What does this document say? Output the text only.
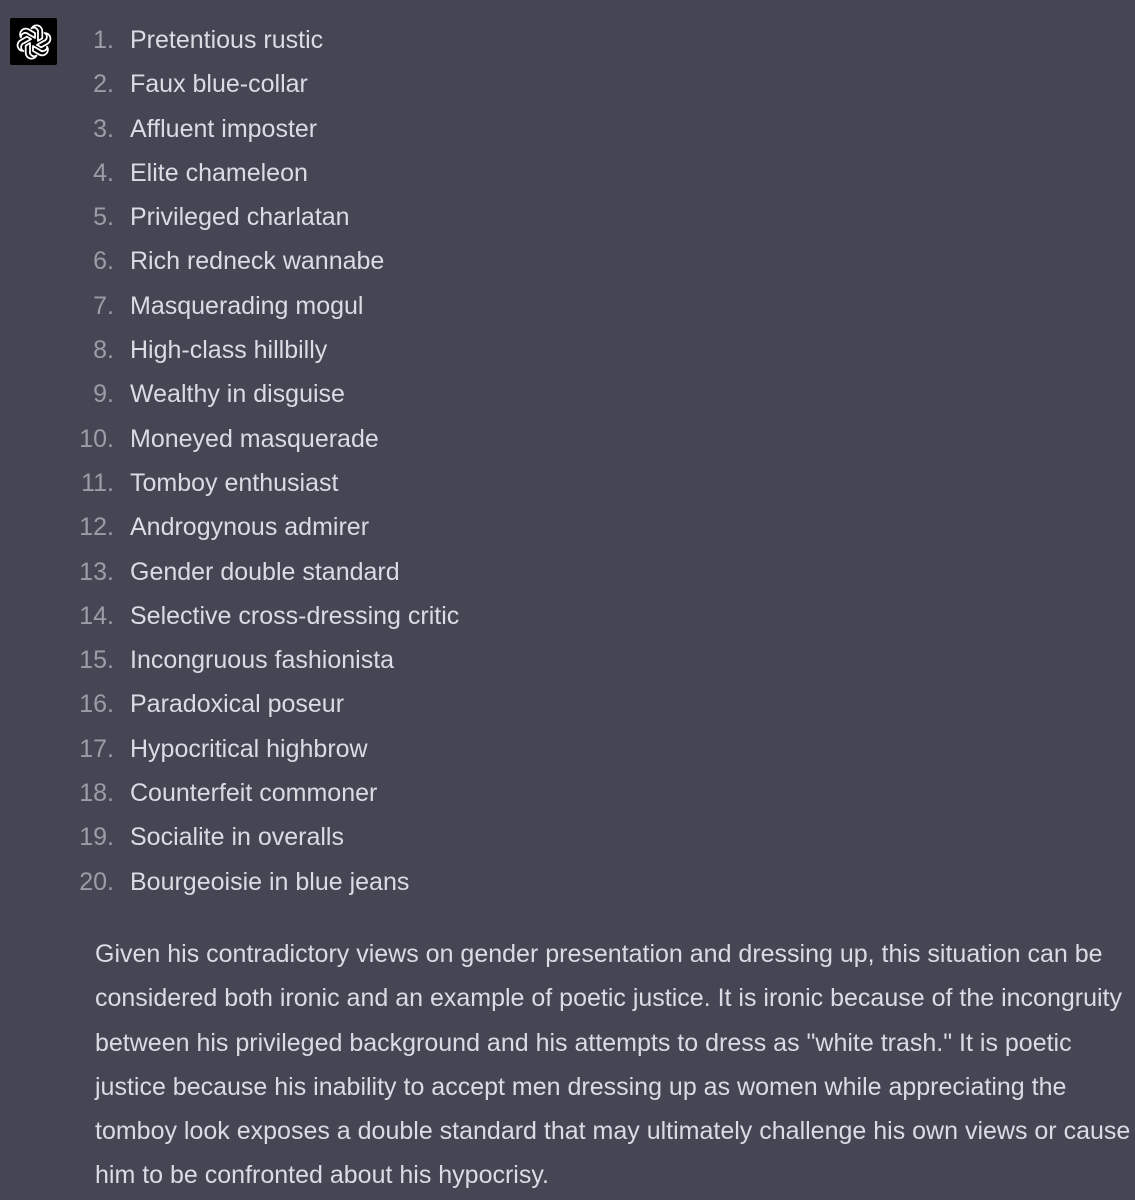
1. Pretentious rustic
2. Faux blue-collar
3. Affluent imposter
4. Elite chameleon
5. Privileged charlatan
6. Rich redneck wannabe
7. Masquerading mogul
8. High-class hillbilly
9. Wealthy in disguise
10. Moneyed masquerade
11. Tomboy enthusiast
12. Androgynous admirer
13. Gender double standard
14. Selective cross-dressing critic
15. Incongruous fashionista
16. Paradoxical poseur
17. Hypocritical highbrow
18. Counterfeit commoner
19. Socialite in overalls
20. Bourgeoisie in blue jeans

Given his contradictory views on gender presentation and dressing up, this situation can be considered both ironic and an example of poetic justice. It is ironic because of the incongruity between his privileged background and his attempts to dress as "white trash." It is poetic justice because his inability to accept men dressing up as women while appreciating the tomboy look exposes a double standard that may ultimately challenge his own views or cause him to be confronted about his hypocrisy.
